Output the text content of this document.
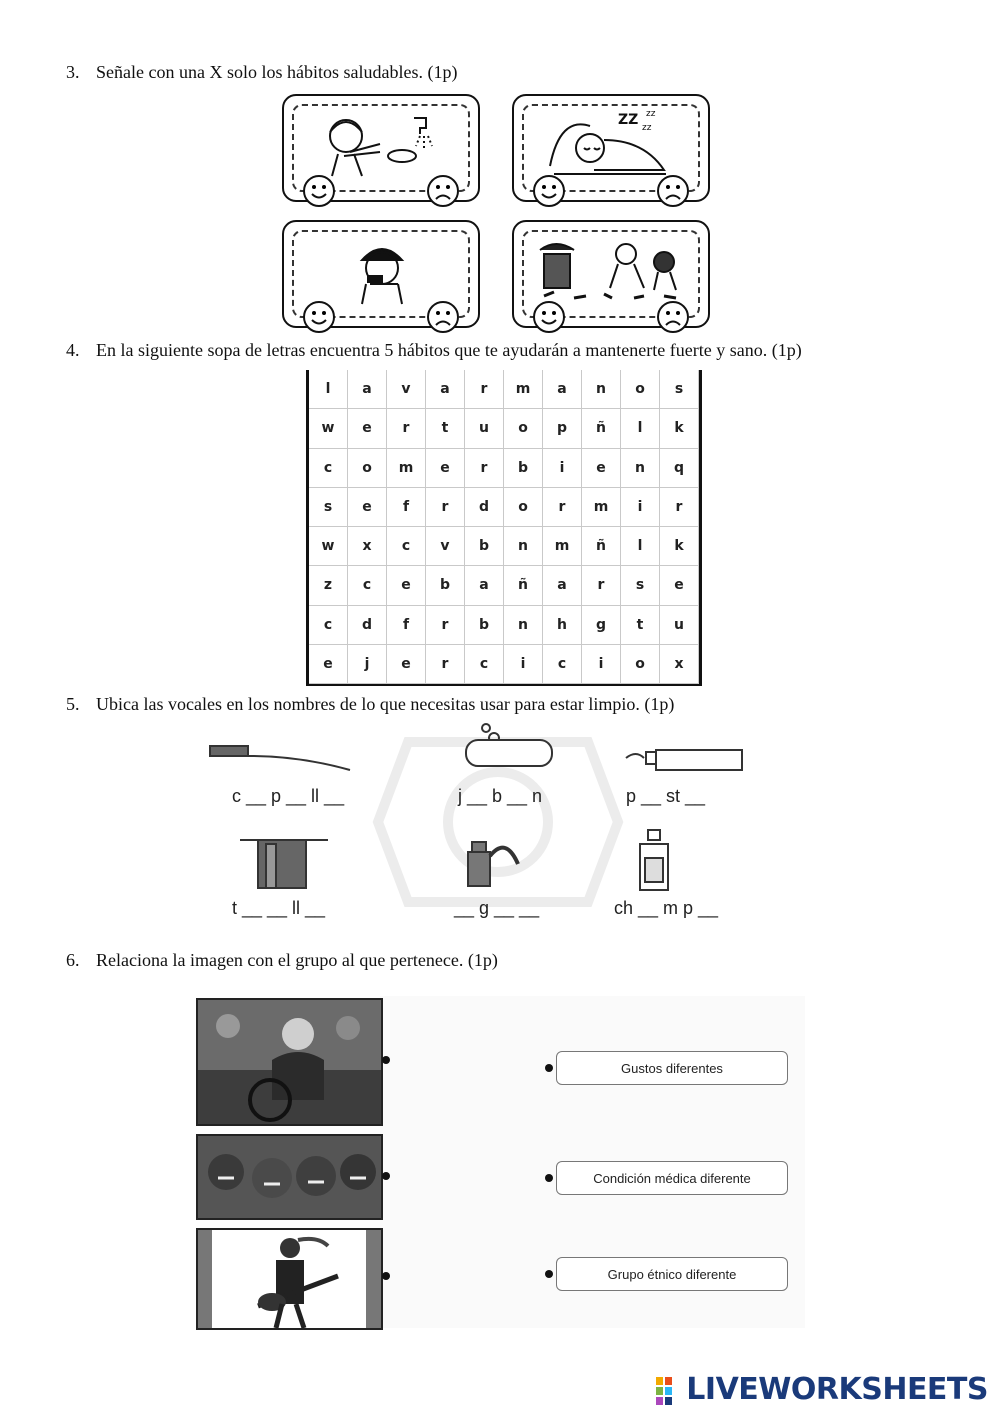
3. Señale con una X solo los hábitos saludables. (1p)
ZZ zz
zz
4. En la siguiente sopa de letras encuentra 5 hábitos que te ayudarán a mantenerte fuerte y sano. (1p)
l	a	v	a	r	m	a	n	o	s
w	e	r	t	u	o	p	ñ	l	k
c	o	m	e	r	b	i	e	n	q
s	e	f	r	d	o	r	m	i	r
w	x	c	v	b	n	m	ñ	l	k
z	c	e	b	a	ñ	a	r	s	e
c	d	f	r	b	n	h	g	t	u
e	j	e	r	c	i	c	i	o	x
5. Ubica las vocales en los nombres de lo que necesitas usar para estar limpio. (1p)
c __ p __ ll __	j __ b __ n	p __ st __
t __ __ ll __	__ g __ __	ch __ m p __
6. Relaciona la imagen con el grupo al que pertenece. (1p)
Gustos diferentes
Condición médica diferente
Grupo étnico diferente
LIVEWORKSHEETS
